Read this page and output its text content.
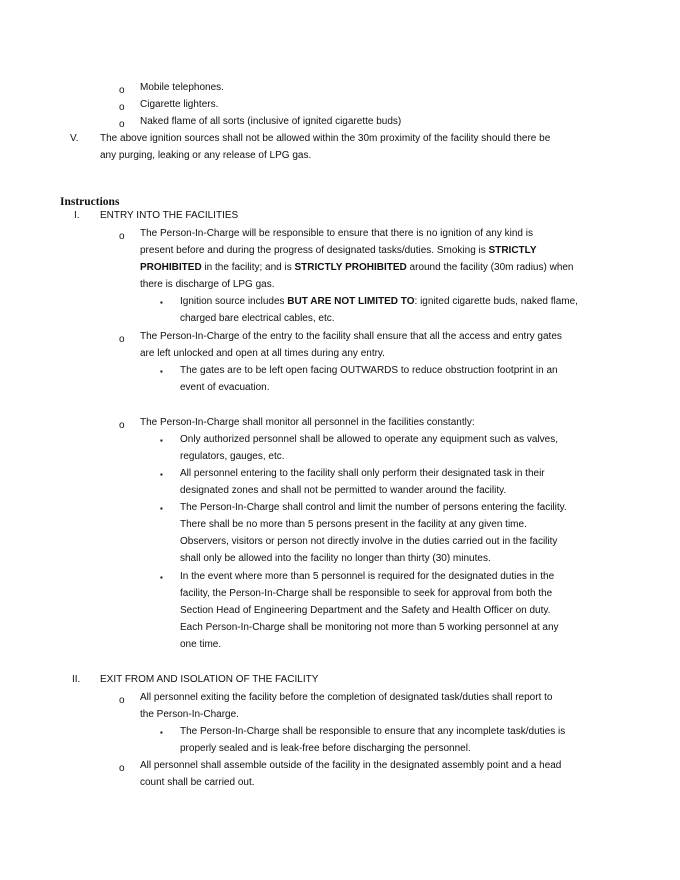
o Mobile telephones.
o Cigarette lighters.
o Naked flame of all sorts (inclusive of ignited cigarette buds)
V. The above ignition sources shall not be allowed within the 30m proximity of the facility should there be
any purging, leaking or any release of LPG gas.
Instructions
I. ENTRY INTO THE FACILITIES
o The Person-In-Charge will be responsible to ensure that there is no ignition of any kind is
present before and during the progress of designated tasks/duties. Smoking is STRICTLY
PROHIBITED in the facility; and is STRICTLY PROHIBITED around the facility (30m radius) when
there is discharge of LPG gas.
▪ Ignition source includes BUT ARE NOT LIMITED TO: ignited cigarette buds, naked flame,
charged bare electrical cables, etc.
o The Person-In-Charge of the entry to the facility shall ensure that all the access and entry gates
are left unlocked and open at all times during any entry.
▪ The gates are to be left open facing OUTWARDS to reduce obstruction footprint in an
event of evacuation.
o The Person-In-Charge shall monitor all personnel in the facilities constantly:
▪ Only authorized personnel shall be allowed to operate any equipment such as valves,
regulators, gauges, etc.
▪ All personnel entering to the facility shall only perform their designated task in their
designated zones and shall not be permitted to wander around the facility.
▪ The Person-In-Charge shall control and limit the number of persons entering the facility.
There shall be no more than 5 persons present in the facility at any given time.
Observers, visitors or person not directly involve in the duties carried out in the facility
shall only be allowed into the facility no longer than thirty (30) minutes.
▪ In the event where more than 5 personnel is required for the designated duties in the
facility, the Person-In-Charge shall be responsible to seek for approval from both the
Section Head of Engineering Department and the Safety and Health Officer on duty.
Each Person-In-Charge shall be monitoring not more than 5 working personnel at any
one time.
II. EXIT FROM AND ISOLATION OF THE FACILITY
o All personnel exiting the facility before the completion of designated task/duties shall report to
the Person-In-Charge.
▪ The Person-In-Charge shall be responsible to ensure that any incomplete task/duties is
properly sealed and is leak-free before discharging the personnel.
o All personnel shall assemble outside of the facility in the designated assembly point and a head
count shall be carried out.
